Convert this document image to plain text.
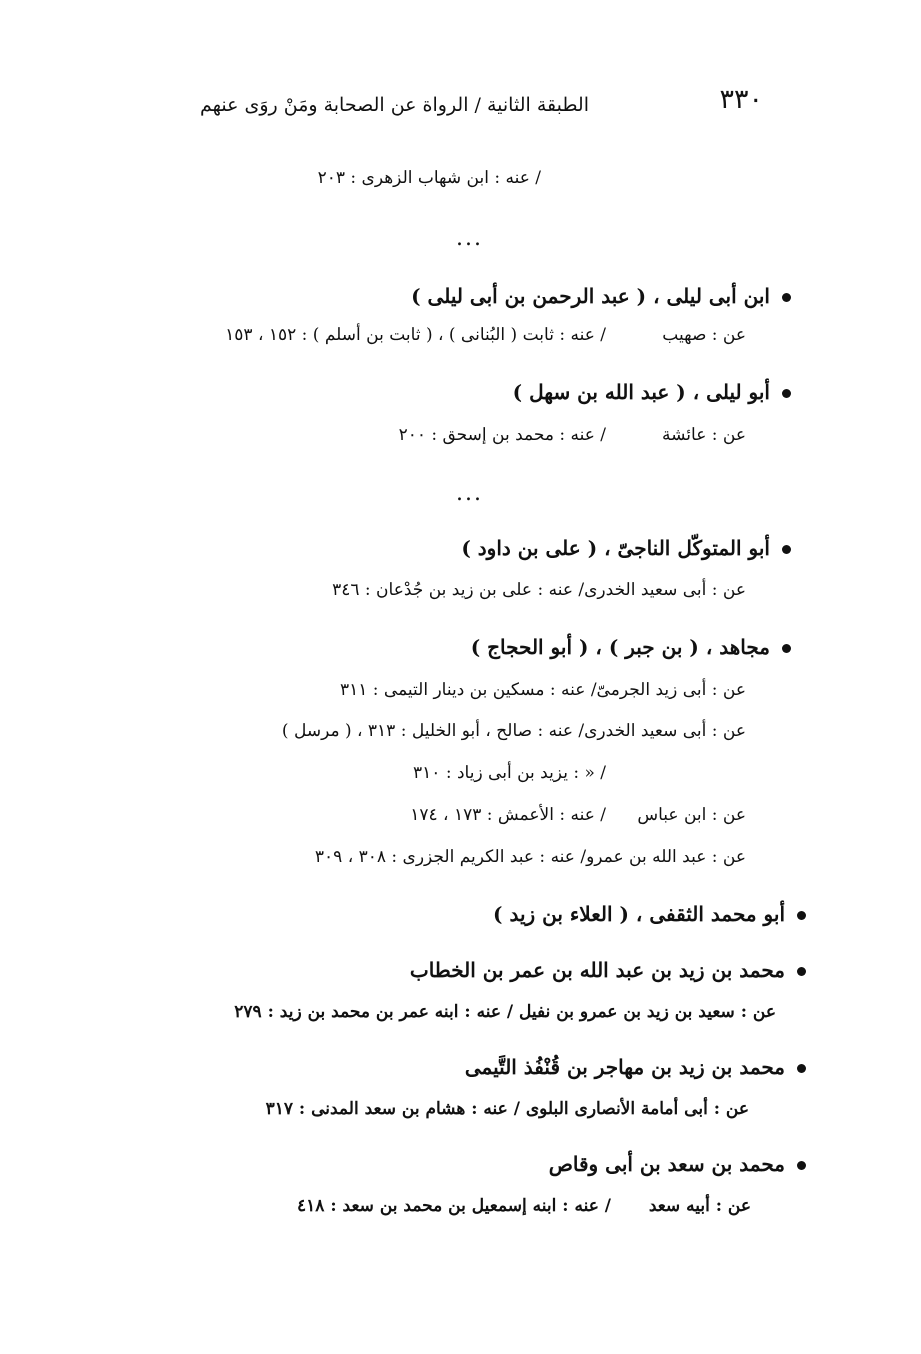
٣٣٠
الطبقة الثانية / الرواة عن الصحابة ومَنْ روَى عنهم
/ عنه : ابن شهاب الزهرى : ٢٠٣
...
ابن أبى ليلى ، ( عبد الرحمن بن أبى ليلى )
عن : صهيب/ عنه : ثابت ( البُنانى ) ، ( ثابت بن أسلم ) : ١٥٢ ، ١٥٣
أبو ليلى ، ( عبد الله بن سهل )
عن : عائشة/ عنه : محمد بن إسحق : ٢٠٠
...
أبو المتوكّل الناجىّ ، ( على بن داود )
عن : أبى سعيد الخدرى/ عنه : على بن زيد بن جُدْعان : ٣٤٦
مجاهد ، ( بن جبر ) ، ( أبو الحجاج )
عن : أبى زيد الجرمىّ/ عنه : مسكين بن دينار التيمى : ٣١١
عن : أبى سعيد الخدرى/ عنه : صالح ، أبو الخليل : ٣١٣ ، ( مرسل )
/ « : يزيد بن أبى زياد : ٣١٠
عن : ابن عباس/ عنه : الأعمش : ١٧٣ ، ١٧٤
عن : عبد الله بن عمرو/ عنه : عبد الكريم الجزرى : ٣٠٨ ، ٣٠٩
أبو محمد الثقفى ، ( العلاء بن زيد )
محمد بن زيد بن عبد الله بن عمر بن الخطاب
عن : سعيد بن زيد بن عمرو بن نفيل / عنه : ابنه عمر بن محمد بن زيد : ٢٧٩
محمد بن زيد بن مهاجر بن قُنْفُذ التَّيمى
عن : أبى أمامة الأنصارى البلوى / عنه : هشام بن سعد المدنى : ٣١٧
محمد بن سعد بن أبى وقاص
عن : أبيه سعد/ عنه : ابنه إسمعيل بن محمد بن سعد : ٤١٨
